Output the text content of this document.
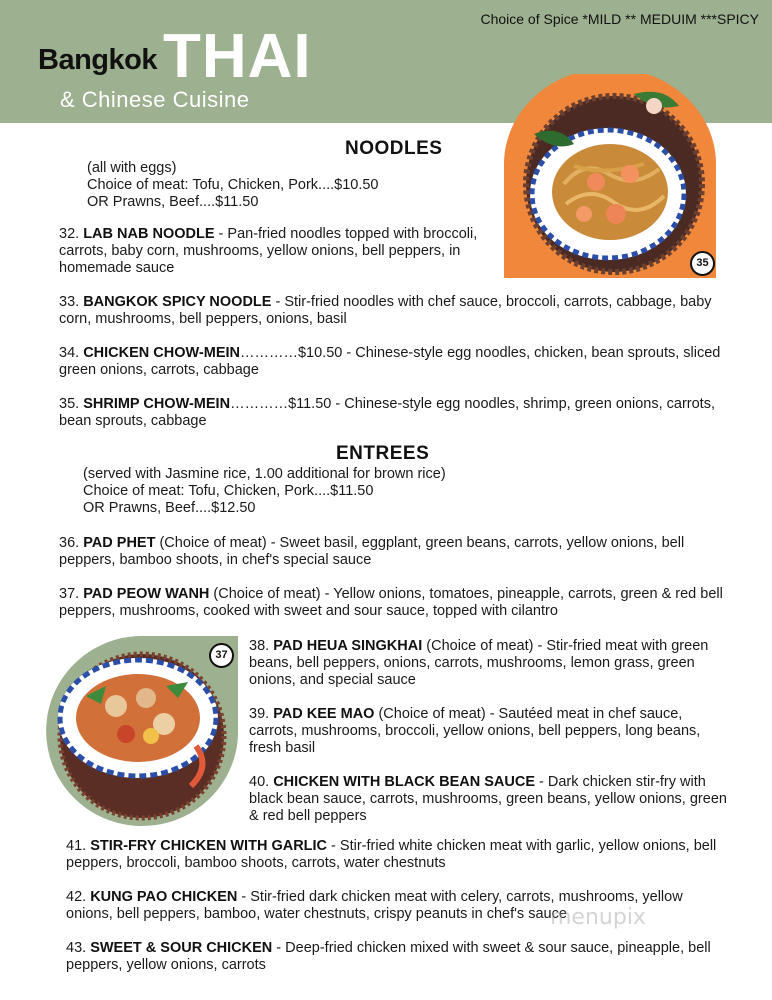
Choice of Spice *MILD ** MEDUIM ***SPICY
Bangkok THAI
& Chinese Cuisine
35
37
NOODLES
(all with eggs)
Choice of meat: Tofu, Chicken, Pork....$10.50
OR Prawns, Beef....$11.50
32. LAB NAB NOODLE - Pan-fried noodles topped with broccoli, carrots, baby corn, mushrooms, yellow onions, bell peppers, in homemade sauce
33. BANGKOK SPICY NOODLE - Stir-fried noodles with chef sauce, broccoli, carrots, cabbage, baby corn, mushrooms, bell peppers, onions, basil
34. CHICKEN CHOW-MEIN…………$10.50 - Chinese-style egg noodles, chicken, bean sprouts, sliced green onions, carrots, cabbage
35. SHRIMP CHOW-MEIN…………$11.50 - Chinese-style egg noodles, shrimp, green onions, carrots, bean sprouts, cabbage
ENTREES
(served with Jasmine rice, 1.00 additional for brown rice)
Choice of meat: Tofu, Chicken, Pork....$11.50
OR Prawns, Beef....$12.50
36. PAD PHET (Choice of meat) - Sweet basil, eggplant, green beans, carrots, yellow onions, bell peppers, bamboo shoots, in chef's special sauce
37. PAD PEOW WANH (Choice of meat) - Yellow onions, tomatoes, pineapple, carrots, green & red bell peppers, mushrooms, cooked with sweet and sour sauce, topped with cilantro
38. PAD HEUA SINGKHAI (Choice of meat) - Stir-fried meat with green beans, bell peppers, onions, carrots, mushrooms, lemon grass, green onions, and special sauce
39. PAD KEE MAO (Choice of meat) - Sautéed meat in chef sauce, carrots, mushrooms, broccoli, yellow onions, bell peppers, long beans, fresh basil
40. CHICKEN WITH BLACK BEAN SAUCE - Dark chicken stir-fry with black bean sauce, carrots, mushrooms, green beans, yellow onions, green & red bell peppers
41. STIR-FRY CHICKEN WITH GARLIC - Stir-fried white chicken meat with garlic, yellow onions, bell peppers, broccoli, bamboo shoots, carrots, water chestnuts
42. KUNG PAO CHICKEN - Stir-fried dark chicken meat with celery, carrots, mushrooms, yellow onions, bell peppers, bamboo, water chestnuts, crispy peanuts in chef's sauce
43. SWEET & SOUR CHICKEN - Deep-fried chicken mixed with sweet & sour sauce, pineapple, bell peppers, yellow onions, carrots
menupix
